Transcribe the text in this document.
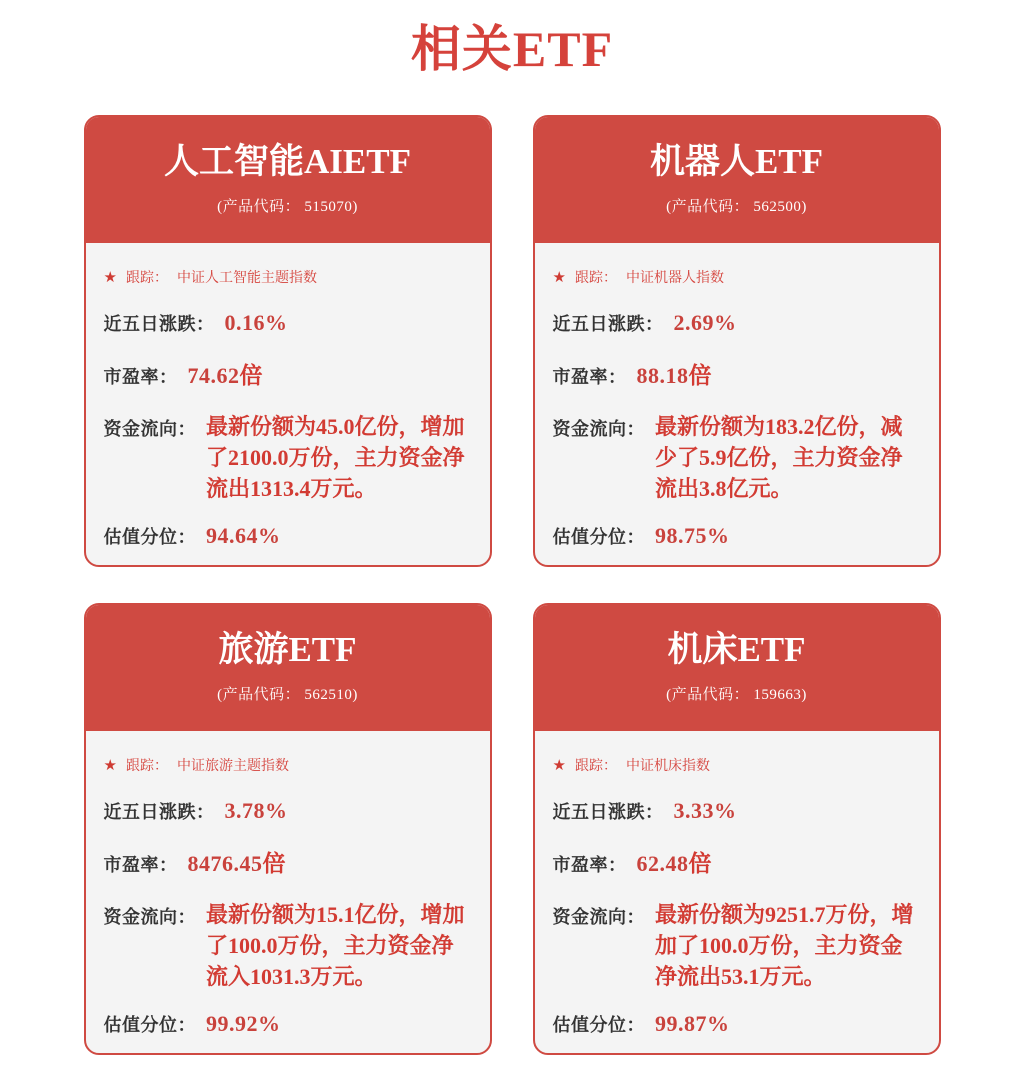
相关ETF
人工智能AIETF
(产品代码： 515070)
★ 跟踪： 中证人工智能主题指数
近五日涨跌： 0.16%
市盈率： 74.62 倍
资金流向： 最新份额为45.0亿份，增加了2100.0万份，主力资金净流出1313.4万元。
估值分位： 94.64%
机器人ETF
(产品代码： 562500)
★ 跟踪： 中证机器人指数
近五日涨跌： 2.69%
市盈率： 88.18 倍
资金流向： 最新份额为183.2亿份，减少了5.9亿份，主力资金净流出3.8亿元。
估值分位： 98.75%
旅游ETF
(产品代码： 562510)
★ 跟踪： 中证旅游主题指数
近五日涨跌： 3.78%
市盈率： 8476.45 倍
资金流向： 最新份额为15.1亿份，增加了100.0万份，主力资金净流入1031.3万元。
估值分位： 99.92%
机床ETF
(产品代码： 159663)
★ 跟踪： 中证机床指数
近五日涨跌： 3.33%
市盈率： 62.48 倍
资金流向： 最新份额为9251.7万份，增加了100.0万份，主力资金净流出53.1万元。
估值分位： 99.87%
